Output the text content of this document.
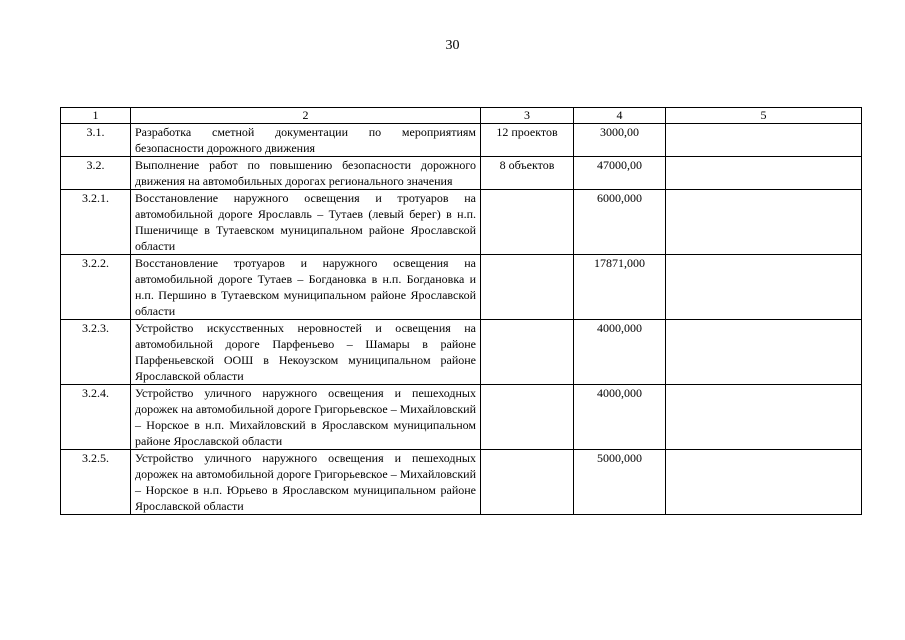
30
1	2	3	4	5
3.1.	Разработка сметной документации по мероприятиям безопасности дорожного движения	12 проектов	3000,00	
3.2.	Выполнение работ по повышению безопасности дорожного движения на автомобильных дорогах регионального значения	8 объектов	47000,00	
3.2.1.	Восстановление наружного освещения и тротуаров на автомобильной дороге Ярославль – Тутаев (левый берег) в н.п. Пшеничище в Тутаевском муниципальном районе Ярославской области		6000,000	
3.2.2.	Восстановление тротуаров и наружного освещения на автомобильной дороге Тутаев – Богдановка в н.п. Богдановка и н.п. Першино в Тутаевском муниципальном районе Ярославской области		17871,000	
3.2.3.	Устройство искусственных неровностей и освещения на автомобильной дороге Парфеньево – Шамары в районе Парфеньевской ООШ в Некоузском муниципальном районе Ярославской области		4000,000	
3.2.4.	Устройство уличного наружного освещения и пешеходных дорожек на автомобильной дороге Григорьевское – Михайловский – Норское в н.п. Михайловский в Ярославском муниципальном районе Ярославской области		4000,000	
3.2.5.	Устройство уличного наружного освещения и пешеходных дорожек на автомобильной дороге Григорьевское – Михайловский – Норское в н.п. Юрьево в Ярославском муниципальном районе Ярославской области		5000,000	
